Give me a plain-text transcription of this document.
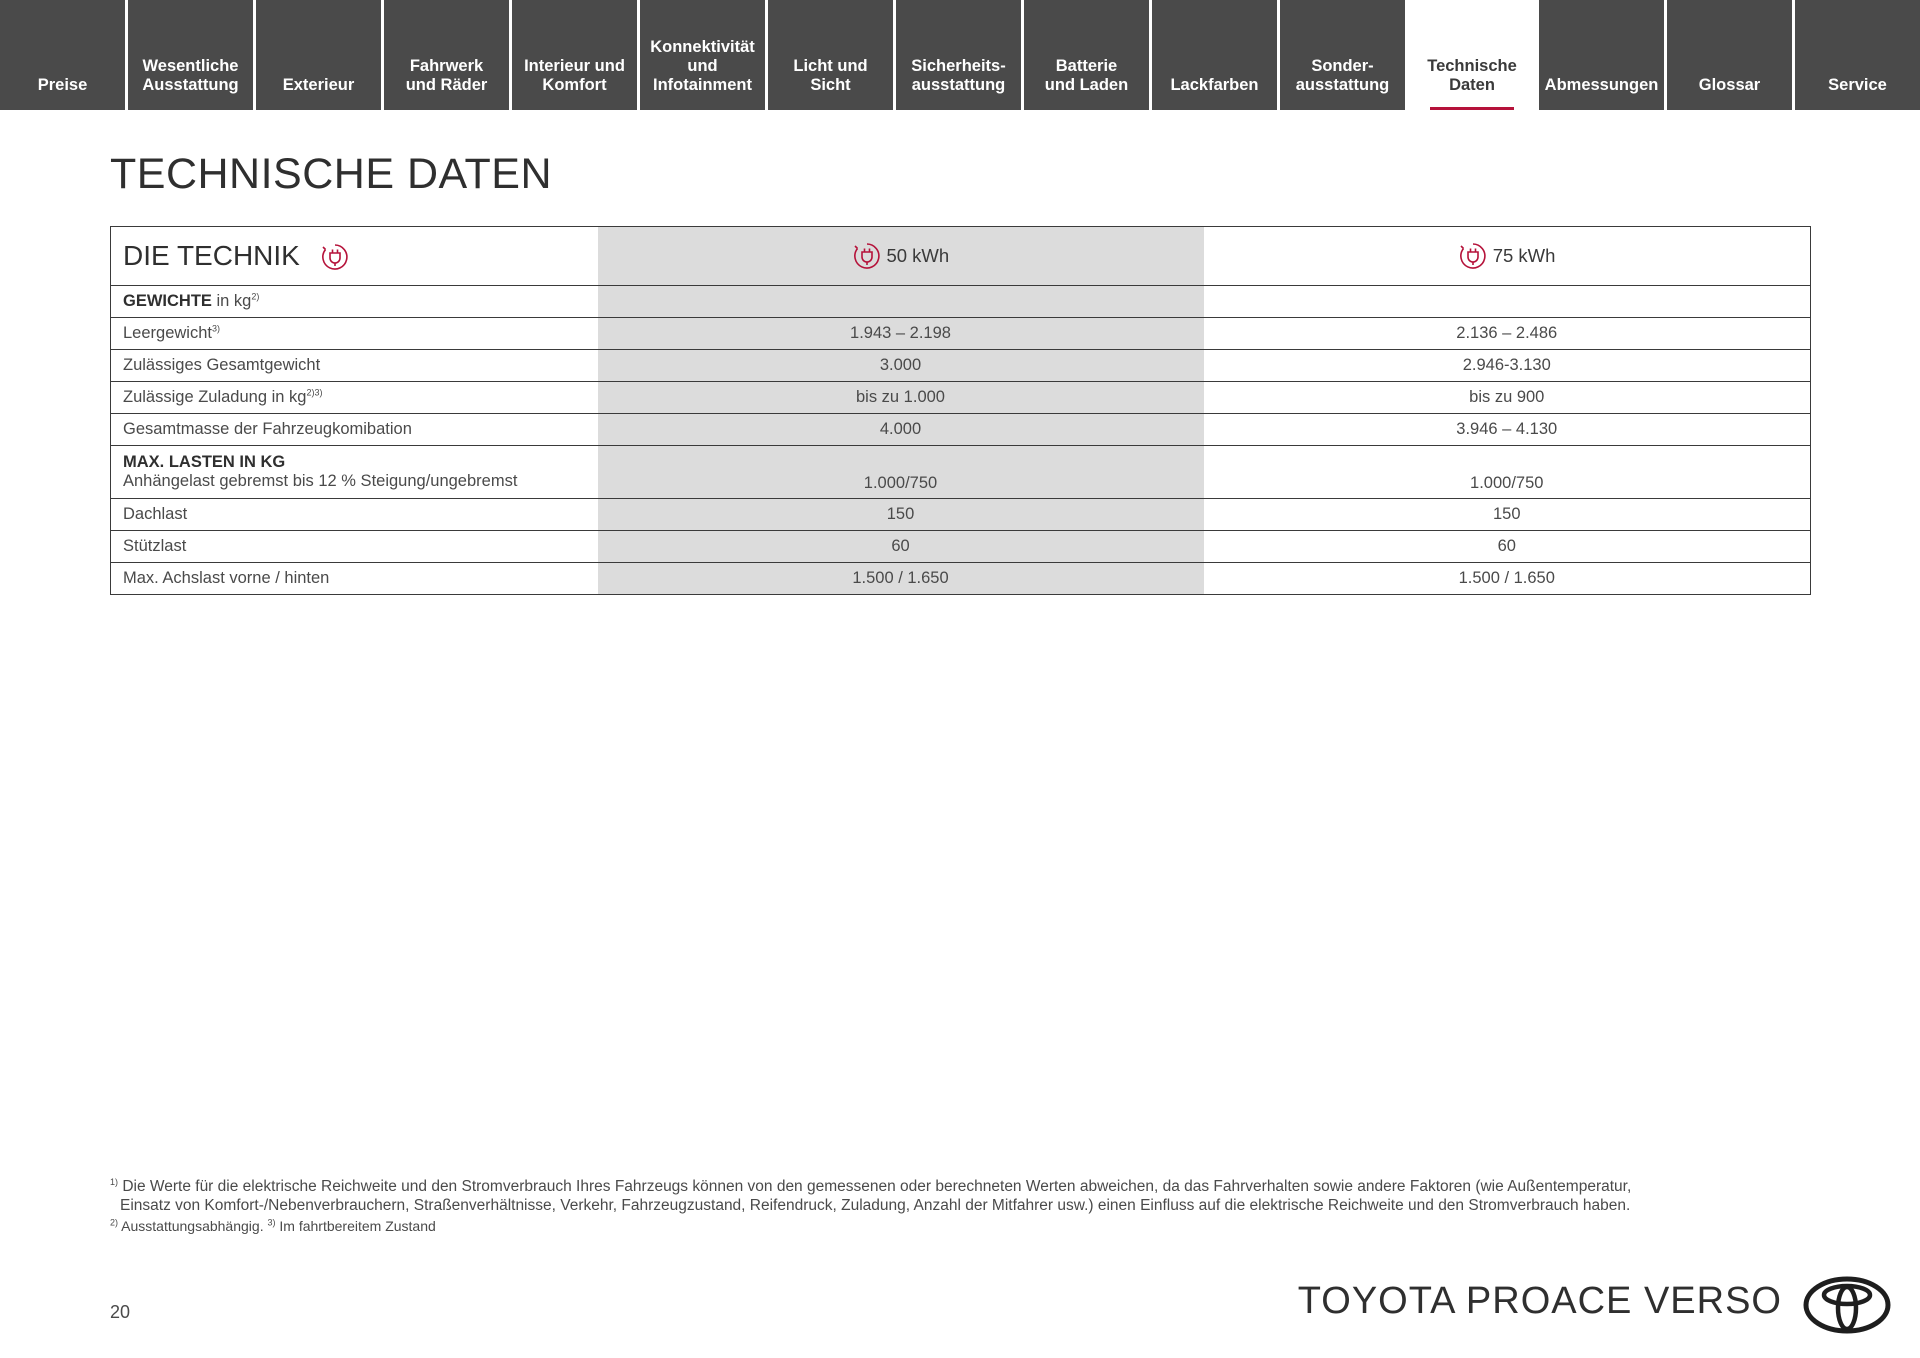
Preise
Wesentliche
Ausstattung	Exterieur
Fahrwerk
und Räder
Interieur und
Komfort
Konnektivität
und
Infotainment
Licht und Sicht
Sicherheits-
ausstattung
Batterie
und Laden	Lackfarben
Sonder-
ausstattung
Technische
Daten	Abmessungen	Glossar	Service
TECHNISCHE DATEN
DIE TECHNIK	50 kWh	75 kWh
GEWICHTE in $kg^{2)}$		
Leergewicht$^{3)}$	1.943 – 2.198	2.136 – 2.486
Zulässiges Gesamtgewicht	3.000	2.946-3.130
Zulässige Zuladung in $kg^{2)3)}$	bis zu 1.000	bis zu 900
Gesamtmasse der Fahrzeugkomibation	4.000	3.946 – 4.130

MAX. LASTEN IN KG
Anhängelast gebremst bis 12 % Steigung/ungebremst	1.000/750	1.000/750
Dachlast	150	150
Stützlast	60	60
Max. Achslast vorne / hinten	1.500 / 1.650	1.500 / 1.650

$^{1)}$ Die Werte für die elektrische Reichweite und den Stromverbrauch Ihres Fahrzeugs können von den gemessenen oder berechneten Werten abweichen, da das Fahrverhalten sowie andere Faktoren (wie Außentemperatur,

Einsatz von Komfort-/Nebenverbrauchern, Straßenverhältnisse, Verkehr, Fahrzeugzustand, Reifendruck, Zuladung, Anzahl der Mitfahrer usw.) einen Einfluss auf die elektrische Reichweite und den Stromverbrauch haben.

$^{2)}$ Ausstattungsabhängig. $^{3)}$ Im fahrtbereitem Zustand

20	TOYOTA PROACE VERSO
